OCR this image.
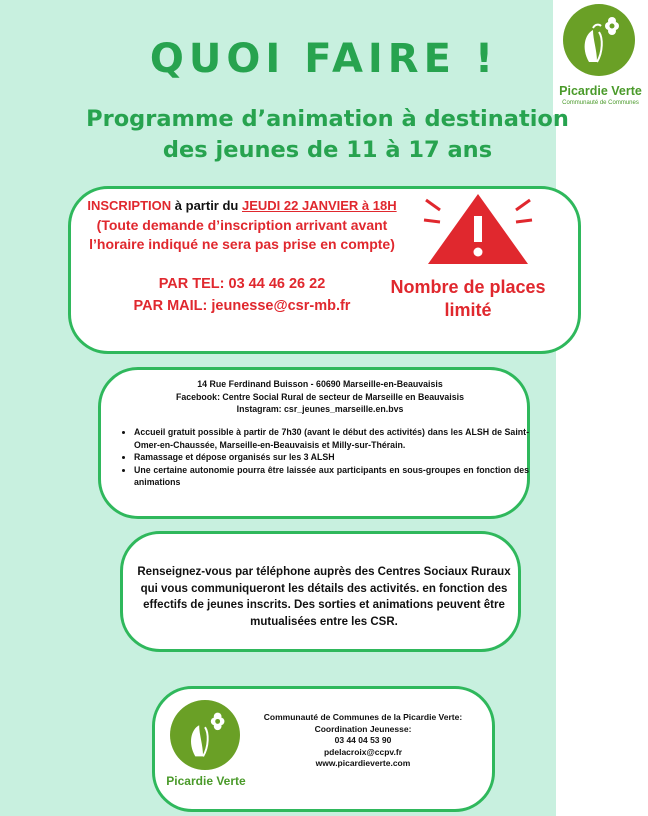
Picardie Verte
Communauté de Communes
QUOI FAIRE !
Programme d’animation à destination
des jeunes de 11 à 17 ans
INSCRIPTION à partir du JEUDI 22 JANVIER à 18H
(Toute demande d’inscription arrivant avant l’horaire indiqué ne sera pas prise en compte)
PAR TEL: 03 44 46 26 22
PAR MAIL: jeunesse@csr-mb.fr
Nombre de places limité
14 Rue Ferdinand Buisson - 60690 Marseille-en-Beauvaisis
Facebook: Centre Social Rural de secteur de Marseille en Beauvaisis
Instagram: csr_jeunes_marseille.en.bvs
• Accueil gratuit possible à partir de 7h30 (avant le début des activités) dans les ALSH de Saint-Omer-en-Chaussée, Marseille-en-Beauvaisis et Milly-sur-Thérain.
• Ramassage et dépose organisés sur les 3 ALSH
• Une certaine autonomie pourra être laissée aux participants en sous-groupes en fonction des animations
Renseignez-vous par téléphone auprès des Centres Sociaux Ruraux qui vous communiqueront les détails des activités. en fonction des effectifs de jeunes inscrits. Des sorties et animations peuvent être mutualisées entre les CSR.
Picardie Verte
Communauté de Communes de la Picardie Verte:
Coordination Jeunesse:
03 44 04 53 90
pdelacroix@ccpv.fr
www.picardieverte.com
